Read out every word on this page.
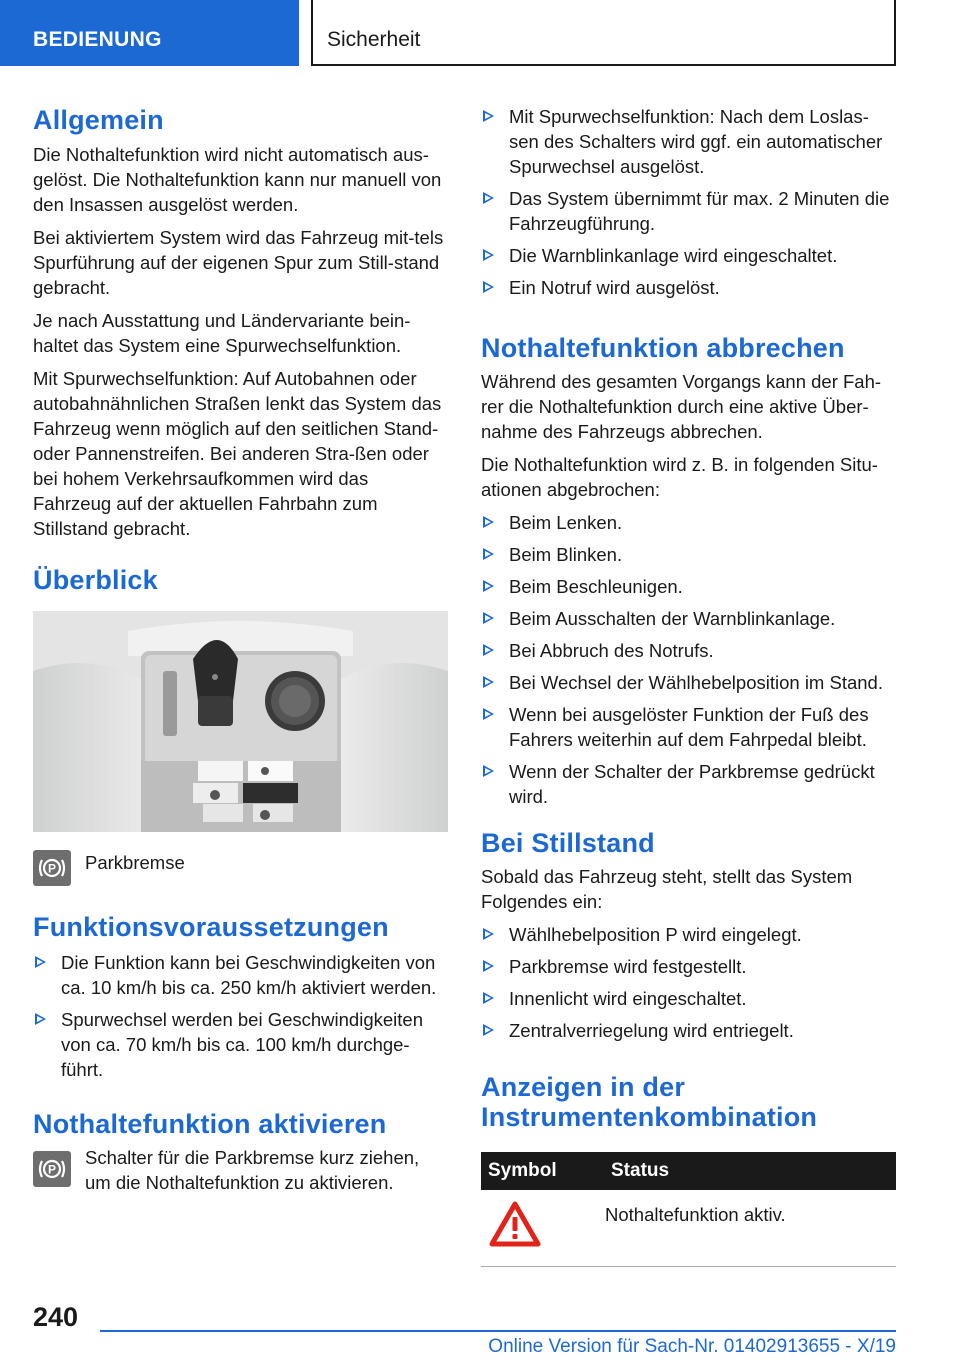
BEDIENUNG	Sicherheit
Allgemein

Die Nothaltefunktion wird nicht automatisch aus-gelöst. Die Nothaltefunktion kann nur manuell von den Insassen ausgelöst werden.

Bei aktiviertem System wird das Fahrzeug mit-tels Spurführung auf der eigenen Spur zum Still-stand gebracht.

Je nach Ausstattung und Ländervariante bein-haltet das System eine Spurwechselfunktion.

Mit Spurwechselfunktion: Auf Autobahnen oder autobahnähnlichen Straßen lenkt das System das Fahrzeug wenn möglich auf den seitlichen Stand- oder Pannenstreifen. Bei anderen Stra-ßen oder bei hohem Verkehrsaufkommen wird das Fahrzeug auf der aktuellen Fahrbahn zum Stillstand gebracht.

Überblick
P Parkbremse

Funktionsvoraussetzungen
Die Funktion kann bei Geschwindigkeiten von ca. 10 km/h bis ca. 250 km/h aktiviert werden.
Spurwechsel werden bei Geschwindigkeiten von ca. 70 km/h bis ca. 100 km/h durchge-führt.
Nothaltefunktion aktivieren
P

Schalter für die Parkbremse kurz ziehen, um die Nothaltefunktion zu aktivieren.

Mit Spurwechselfunktion: Nach dem Loslas-sen des Schalters wird ggf. ein automatischer Spurwechsel ausgelöst.
Das System übernimmt für max. 2 Minuten die Fahrzeugführung.
Die Warnblinkanlage wird eingeschaltet.
Ein Notruf wird ausgelöst.
Nothaltefunktion abbrechen

Während des gesamten Vorgangs kann der Fah-rer die Nothaltefunktion durch eine aktive Über-nahme des Fahrzeugs abbrechen.

Die Nothaltefunktion wird z. B. in folgenden Situ-ationen abgebrochen:

Beim Lenken.
Beim Blinken.
Beim Beschleunigen.
Beim Ausschalten der Warnblinkanlage.
Bei Abbruch des Notrufs.
Bei Wechsel der Wählhebelposition im Stand.
Wenn bei ausgelöster Funktion der Fuß des Fahrers weiterhin auf dem Fahrpedal bleibt.
Wenn der Schalter der Parkbremse gedrückt wird.
Bei Stillstand

Sobald das Fahrzeug steht, stellt das System Folgendes ein:

Wählhebelposition P wird eingelegt.
Parkbremse wird festgestellt.
Innenlicht wird eingeschaltet.
Zentralverriegelung wird entriegelt.
Anzeigen in der
Instrumentenkombination
Symbol	Status
	Nothaltefunktion aktiv.
240
Online Version für Sach-Nr. 01402913655 - X/19
